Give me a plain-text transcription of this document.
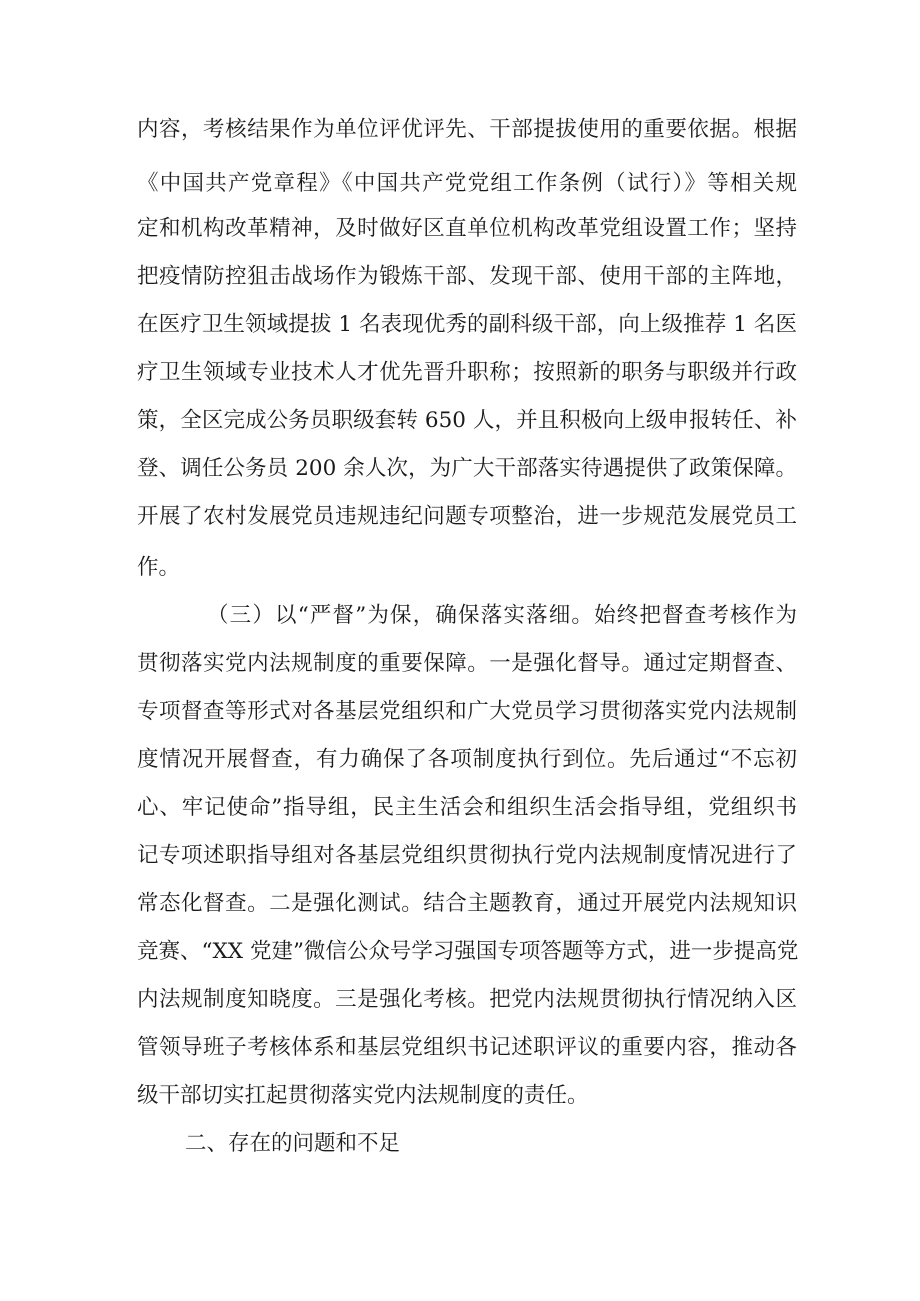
内容，考核结果作为单位评优评先、干部提拔使用的重要依据。根据
《中国共产党章程》《中国共产党党组工作条例（试行）》等相关规
定和机构改革精神，及时做好区直单位机构改革党组设置工作；坚持
把疫情防控狙击战场作为锻炼干部、发现干部、使用干部的主阵地，
在医疗卫生领域提拔 1 名表现优秀的副科级干部，向上级推荐 1 名医
疗卫生领域专业技术人才优先晋升职称；按照新的职务与职级并行政
策，全区完成公务员职级套转 650 人，并且积极向上级申报转任、补
登、调任公务员 200 余人次，为广大干部落实待遇提供了政策保障。
开展了农村发展党员违规违纪问题专项整治，进一步规范发展党员工
作。
（三）以“严督”为保，确保落实落细。始终把督查考核作为
贯彻落实党内法规制度的重要保障。一是强化督导。通过定期督查、
专项督查等形式对各基层党组织和广大党员学习贯彻落实党内法规制
度情况开展督查，有力确保了各项制度执行到位。先后通过“不忘初
心、牢记使命”指导组，民主生活会和组织生活会指导组，党组织书
记专项述职指导组对各基层党组织贯彻执行党内法规制度情况进行了
常态化督查。二是强化测试。结合主题教育，通过开展党内法规知识
竞赛、“XX 党建”微信公众号学习强国专项答题等方式，进一步提高党
内法规制度知晓度。三是强化考核。把党内法规贯彻执行情况纳入区
管领导班子考核体系和基层党组织书记述职评议的重要内容，推动各
级干部切实扛起贯彻落实党内法规制度的责任。
二、存在的问题和不足
